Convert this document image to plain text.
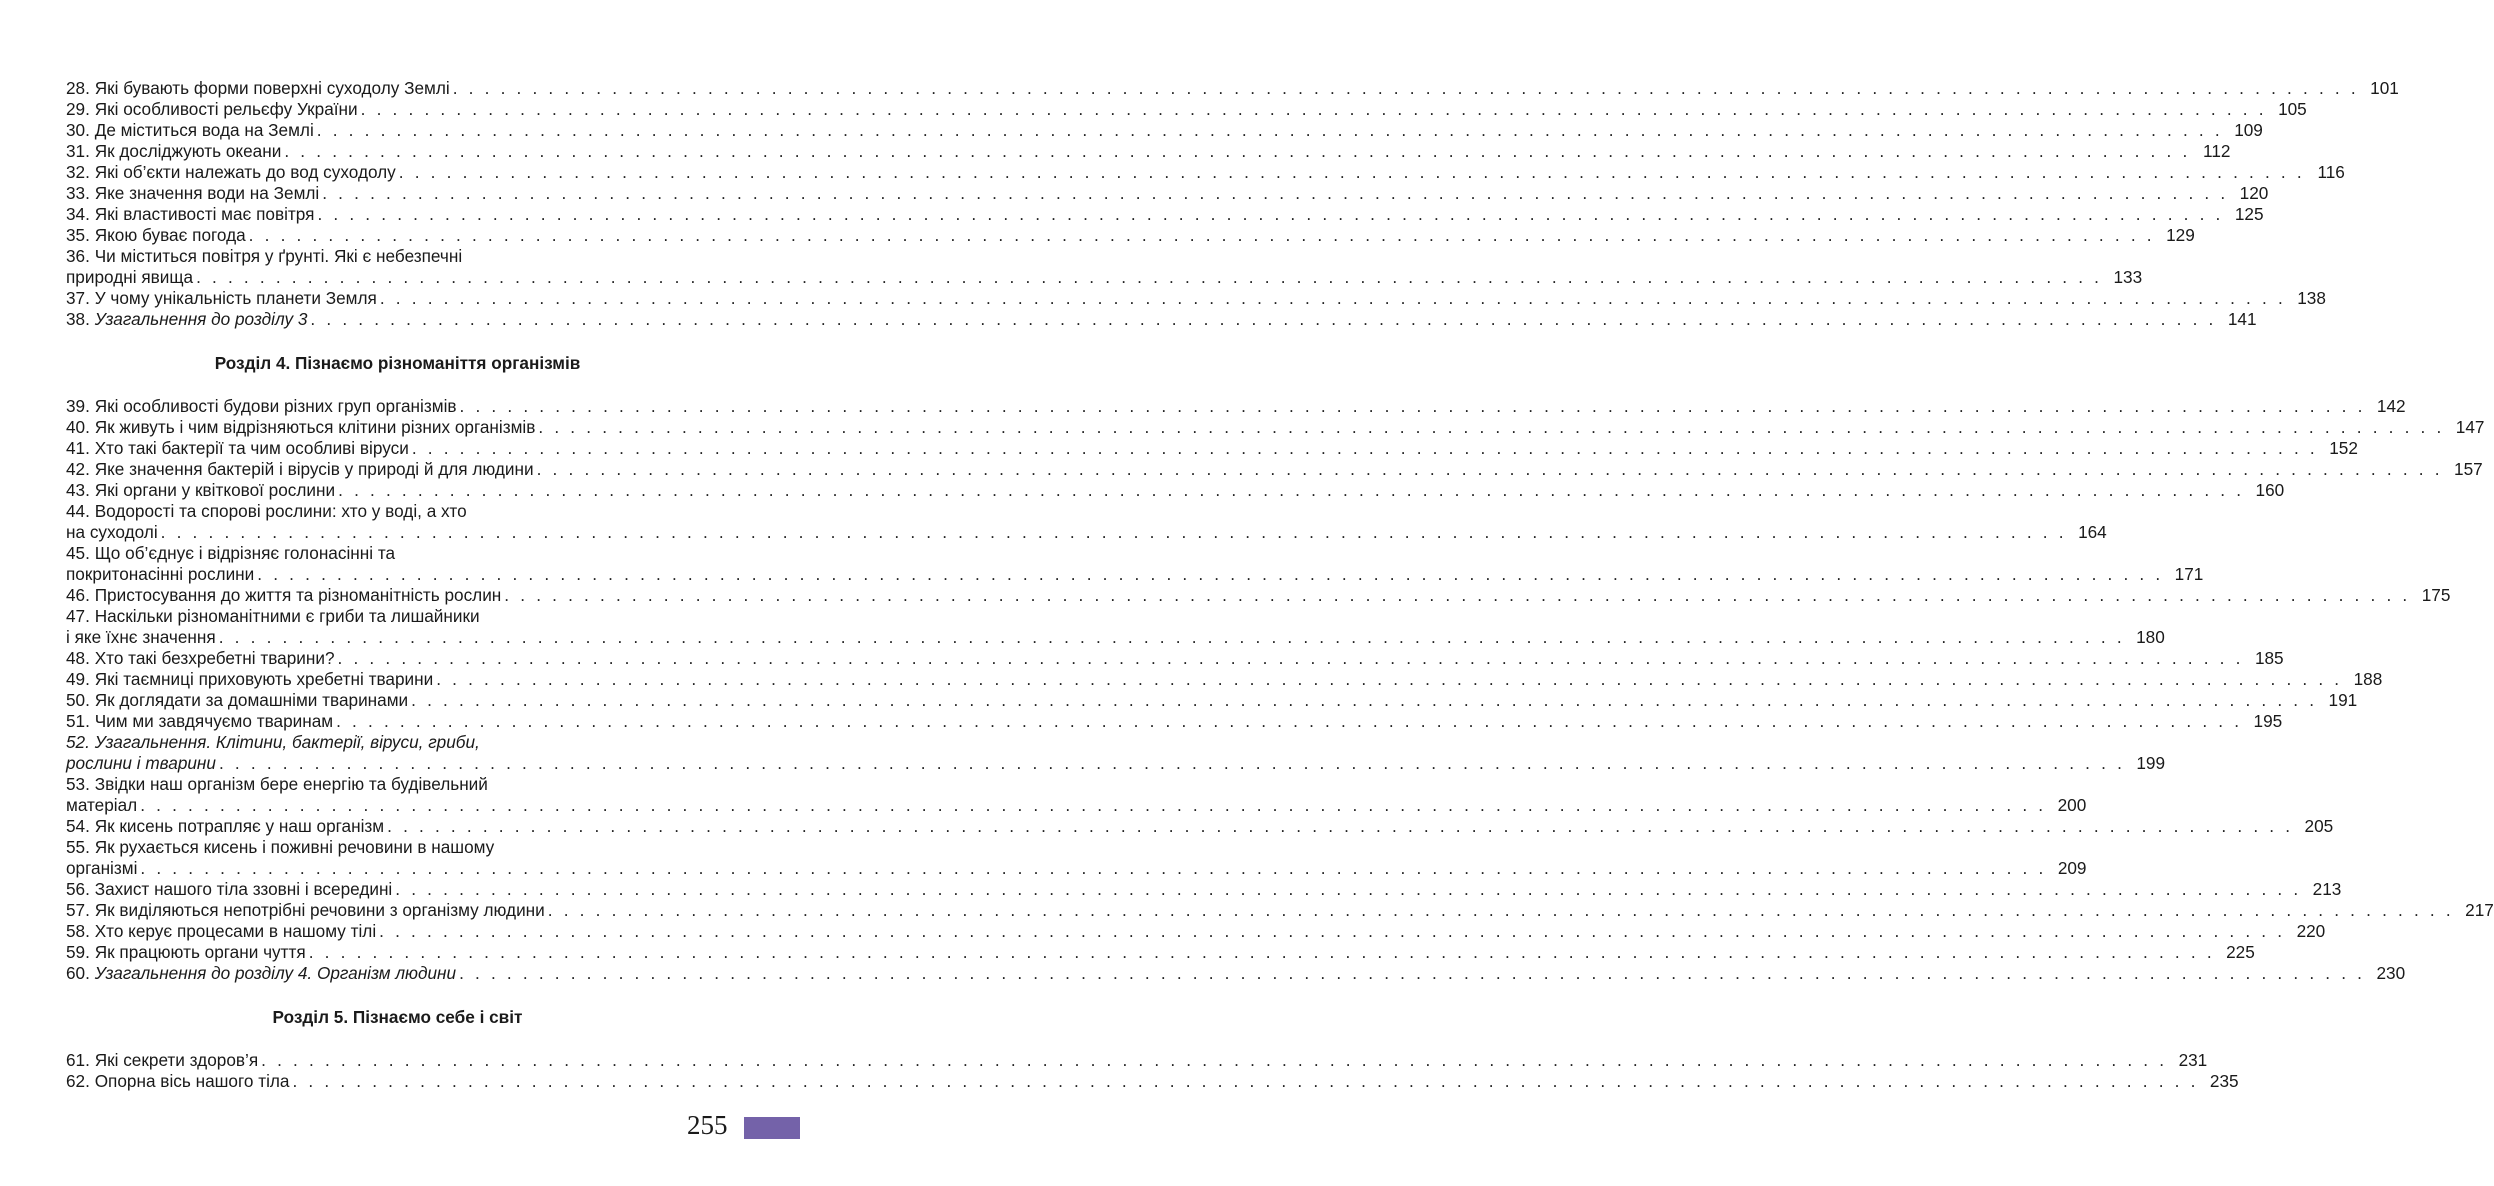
28. Які бувають форми поверхні суходолу Землі . . . . . . . . . . . . . . . . . . . . . . . . . . . . . . . . . . . . . . . . . . . . . . . . . . . . . . . . . . . . . . . . . . . . . . . . . . . . . . . . . . . . . . . . . . . . . . . . . . . . . . . . . . . . . . . . . . . . . . . . 101
29. Які особливості рельєфу України . . . . . . . . . . . . . . . . . . . . . . . . . . . . . . . . . . . . . . . . . . . . . . . . . . . . . . . . . . . . . . . . . . . . . . . . . . . . . . . . . . . . . . . . . . . . . . . . . . . . . . . . . . . . . . . . . . . . . . . . 105
30. Де міститься вода на Землі . . . . . . . . . . . . . . . . . . . . . . . . . . . . . . . . . . . . . . . . . . . . . . . . . . . . . . . . . . . . . . . . . . . . . . . . . . . . . . . . . . . . . . . . . . . . . . . . . . . . . . . . . . . . . . . . . . . . . . . . 109
31. Як досліджують океани . . . . . . . . . . . . . . . . . . . . . . . . . . . . . . . . . . . . . . . . . . . . . . . . . . . . . . . . . . . . . . . . . . . . . . . . . . . . . . . . . . . . . . . . . . . . . . . . . . . . . . . . . . . . . . . . . . . . . . . . 112
32. Які об’єкти належать до вод суходолу . . . . . . . . . . . . . . . . . . . . . . . . . . . . . . . . . . . . . . . . . . . . . . . . . . . . . . . . . . . . . . . . . . . . . . . . . . . . . . . . . . . . . . . . . . . . . . . . . . . . . . . . . . . . . . . . . . . . . . . . 116
33. Яке значення води на Землі . . . . . . . . . . . . . . . . . . . . . . . . . . . . . . . . . . . . . . . . . . . . . . . . . . . . . . . . . . . . . . . . . . . . . . . . . . . . . . . . . . . . . . . . . . . . . . . . . . . . . . . . . . . . . . . . . . . . . . . . 120
34. Які властивості має повітря . . . . . . . . . . . . . . . . . . . . . . . . . . . . . . . . . . . . . . . . . . . . . . . . . . . . . . . . . . . . . . . . . . . . . . . . . . . . . . . . . . . . . . . . . . . . . . . . . . . . . . . . . . . . . . . . . . . . . . . . 125
35. Якою буває погода . . . . . . . . . . . . . . . . . . . . . . . . . . . . . . . . . . . . . . . . . . . . . . . . . . . . . . . . . . . . . . . . . . . . . . . . . . . . . . . . . . . . . . . . . . . . . . . . . . . . . . . . . . . . . . . . . . . . . . . . 129
36. Чи міститься повітря у ґрунті. Які є небезпечні
природні явища . . . . . . . . . . . . . . . . . . . . . . . . . . . . . . . . . . . . . . . . . . . . . . . . . . . . . . . . . . . . . . . . . . . . . . . . . . . . . . . . . . . . . . . . . . . . . . . . . . . . . . . . . . . . . . . . . . . . . . . . 133
37. У чому унікальність планети Земля . . . . . . . . . . . . . . . . . . . . . . . . . . . . . . . . . . . . . . . . . . . . . . . . . . . . . . . . . . . . . . . . . . . . . . . . . . . . . . . . . . . . . . . . . . . . . . . . . . . . . . . . . . . . . . . . . . . . . . . . 138
38. Узагальнення до розділу 3 . . . . . . . . . . . . . . . . . . . . . . . . . . . . . . . . . . . . . . . . . . . . . . . . . . . . . . . . . . . . . . . . . . . . . . . . . . . . . . . . . . . . . . . . . . . . . . . . . . . . . . . . . . . . . . . . . . . . . . . . 141
Розділ 4. Пізнаємо різноманіття організмів
39. Які особливості будови різних груп організмів . . . . . . . . . . . . . . . . . . . . . . . . . . . . . . . . . . . . . . . . . . . . . . . . . . . . . . . . . . . . . . . . . . . . . . . . . . . . . . . . . . . . . . . . . . . . . . . . . . . . . . . . . . . . . . . . . . . . . . . . 142
40. Як живуть і чим відрізняються клітини різних організмів . . . . . . . . . . . . . . . . . . . . . . . . . . . . . . . . . . . . . . . . . . . . . . . . . . . . . . . . . . . . . . . . . . . . . . . . . . . . . . . . . . . . . . . . . . . . . . . . . . . . . . . . . . . . . . . . . . . . . . . . 147
41. Хто такі бактерії та чим особливі віруси . . . . . . . . . . . . . . . . . . . . . . . . . . . . . . . . . . . . . . . . . . . . . . . . . . . . . . . . . . . . . . . . . . . . . . . . . . . . . . . . . . . . . . . . . . . . . . . . . . . . . . . . . . . . . . . . . . . . . . . . 152
42. Яке значення бактерій і вірусів у природі й для людини . . . . . . . . . . . . . . . . . . . . . . . . . . . . . . . . . . . . . . . . . . . . . . . . . . . . . . . . . . . . . . . . . . . . . . . . . . . . . . . . . . . . . . . . . . . . . . . . . . . . . . . . . . . . . . . . . . . . . . . . 157
43. Які органи у квіткової рослини . . . . . . . . . . . . . . . . . . . . . . . . . . . . . . . . . . . . . . . . . . . . . . . . . . . . . . . . . . . . . . . . . . . . . . . . . . . . . . . . . . . . . . . . . . . . . . . . . . . . . . . . . . . . . . . . . . . . . . . . 160
44. Водорості та спорові рослини: хто у воді, а хто
на суходолі . . . . . . . . . . . . . . . . . . . . . . . . . . . . . . . . . . . . . . . . . . . . . . . . . . . . . . . . . . . . . . . . . . . . . . . . . . . . . . . . . . . . . . . . . . . . . . . . . . . . . . . . . . . . . . . . . . . . . . . . 164
45. Що об’єднує і відрізняє голонасінні та
покритонасінні рослини . . . . . . . . . . . . . . . . . . . . . . . . . . . . . . . . . . . . . . . . . . . . . . . . . . . . . . . . . . . . . . . . . . . . . . . . . . . . . . . . . . . . . . . . . . . . . . . . . . . . . . . . . . . . . . . . . . . . . . . . 171
46. Пристосування до життя та різноманітність рослин . . . . . . . . . . . . . . . . . . . . . . . . . . . . . . . . . . . . . . . . . . . . . . . . . . . . . . . . . . . . . . . . . . . . . . . . . . . . . . . . . . . . . . . . . . . . . . . . . . . . . . . . . . . . . . . . . . . . . . . . 175
47. Наскільки різноманітними є гриби та лишайники
і яке їхнє значення . . . . . . . . . . . . . . . . . . . . . . . . . . . . . . . . . . . . . . . . . . . . . . . . . . . . . . . . . . . . . . . . . . . . . . . . . . . . . . . . . . . . . . . . . . . . . . . . . . . . . . . . . . . . . . . . . . . . . . . . 180
48. Хто такі безхребетні тварини? . . . . . . . . . . . . . . . . . . . . . . . . . . . . . . . . . . . . . . . . . . . . . . . . . . . . . . . . . . . . . . . . . . . . . . . . . . . . . . . . . . . . . . . . . . . . . . . . . . . . . . . . . . . . . . . . . . . . . . . . 185
49. Які таємниці приховують хребетні тварини . . . . . . . . . . . . . . . . . . . . . . . . . . . . . . . . . . . . . . . . . . . . . . . . . . . . . . . . . . . . . . . . . . . . . . . . . . . . . . . . . . . . . . . . . . . . . . . . . . . . . . . . . . . . . . . . . . . . . . . . 188
50. Як доглядати за домашніми тваринами . . . . . . . . . . . . . . . . . . . . . . . . . . . . . . . . . . . . . . . . . . . . . . . . . . . . . . . . . . . . . . . . . . . . . . . . . . . . . . . . . . . . . . . . . . . . . . . . . . . . . . . . . . . . . . . . . . . . . . . . 191
51. Чим ми завдячуємо тваринам . . . . . . . . . . . . . . . . . . . . . . . . . . . . . . . . . . . . . . . . . . . . . . . . . . . . . . . . . . . . . . . . . . . . . . . . . . . . . . . . . . . . . . . . . . . . . . . . . . . . . . . . . . . . . . . . . . . . . . . . 195
52. Узагальнення. Клітини, бактерії, віруси, гриби,
рослини і тварини . . . . . . . . . . . . . . . . . . . . . . . . . . . . . . . . . . . . . . . . . . . . . . . . . . . . . . . . . . . . . . . . . . . . . . . . . . . . . . . . . . . . . . . . . . . . . . . . . . . . . . . . . . . . . . . . . . . . . . . . 199
53. Звідки наш організм бере енергію та будівельний
матеріал . . . . . . . . . . . . . . . . . . . . . . . . . . . . . . . . . . . . . . . . . . . . . . . . . . . . . . . . . . . . . . . . . . . . . . . . . . . . . . . . . . . . . . . . . . . . . . . . . . . . . . . . . . . . . . . . . . . . . . . . 200
54. Як кисень потрапляє у наш організм . . . . . . . . . . . . . . . . . . . . . . . . . . . . . . . . . . . . . . . . . . . . . . . . . . . . . . . . . . . . . . . . . . . . . . . . . . . . . . . . . . . . . . . . . . . . . . . . . . . . . . . . . . . . . . . . . . . . . . . . 205
55. Як рухається кисень і поживні речовини в нашому
організмі . . . . . . . . . . . . . . . . . . . . . . . . . . . . . . . . . . . . . . . . . . . . . . . . . . . . . . . . . . . . . . . . . . . . . . . . . . . . . . . . . . . . . . . . . . . . . . . . . . . . . . . . . . . . . . . . . . . . . . . . 209
56. Захист нашого тіла ззовні і всередині . . . . . . . . . . . . . . . . . . . . . . . . . . . . . . . . . . . . . . . . . . . . . . . . . . . . . . . . . . . . . . . . . . . . . . . . . . . . . . . . . . . . . . . . . . . . . . . . . . . . . . . . . . . . . . . . . . . . . . . . 213
57. Як виділяються непотрібні речовини з організму людини . . . . . . . . . . . . . . . . . . . . . . . . . . . . . . . . . . . . . . . . . . . . . . . . . . . . . . . . . . . . . . . . . . . . . . . . . . . . . . . . . . . . . . . . . . . . . . . . . . . . . . . . . . . . . . . . . . . . . . . . 217
58. Хто керує процесами в нашому тілі . . . . . . . . . . . . . . . . . . . . . . . . . . . . . . . . . . . . . . . . . . . . . . . . . . . . . . . . . . . . . . . . . . . . . . . . . . . . . . . . . . . . . . . . . . . . . . . . . . . . . . . . . . . . . . . . . . . . . . . . 220
59. Як працюють органи чуття . . . . . . . . . . . . . . . . . . . . . . . . . . . . . . . . . . . . . . . . . . . . . . . . . . . . . . . . . . . . . . . . . . . . . . . . . . . . . . . . . . . . . . . . . . . . . . . . . . . . . . . . . . . . . . . . . . . . . . . . 225
60. Узагальнення до розділу 4. Організм людини . . . . . . . . . . . . . . . . . . . . . . . . . . . . . . . . . . . . . . . . . . . . . . . . . . . . . . . . . . . . . . . . . . . . . . . . . . . . . . . . . . . . . . . . . . . . . . . . . . . . . . . . . . . . . . . . . . . . . . . . 230
Розділ 5. Пізнаємо себе і світ
61. Які секрети здоров’я . . . . . . . . . . . . . . . . . . . . . . . . . . . . . . . . . . . . . . . . . . . . . . . . . . . . . . . . . . . . . . . . . . . . . . . . . . . . . . . . . . . . . . . . . . . . . . . . . . . . . . . . . . . . . . . . . . . . . . . . 231
62. Опорна вісь нашого тіла . . . . . . . . . . . . . . . . . . . . . . . . . . . . . . . . . . . . . . . . . . . . . . . . . . . . . . . . . . . . . . . . . . . . . . . . . . . . . . . . . . . . . . . . . . . . . . . . . . . . . . . . . . . . . . . . . . . . . . . . 235
255
